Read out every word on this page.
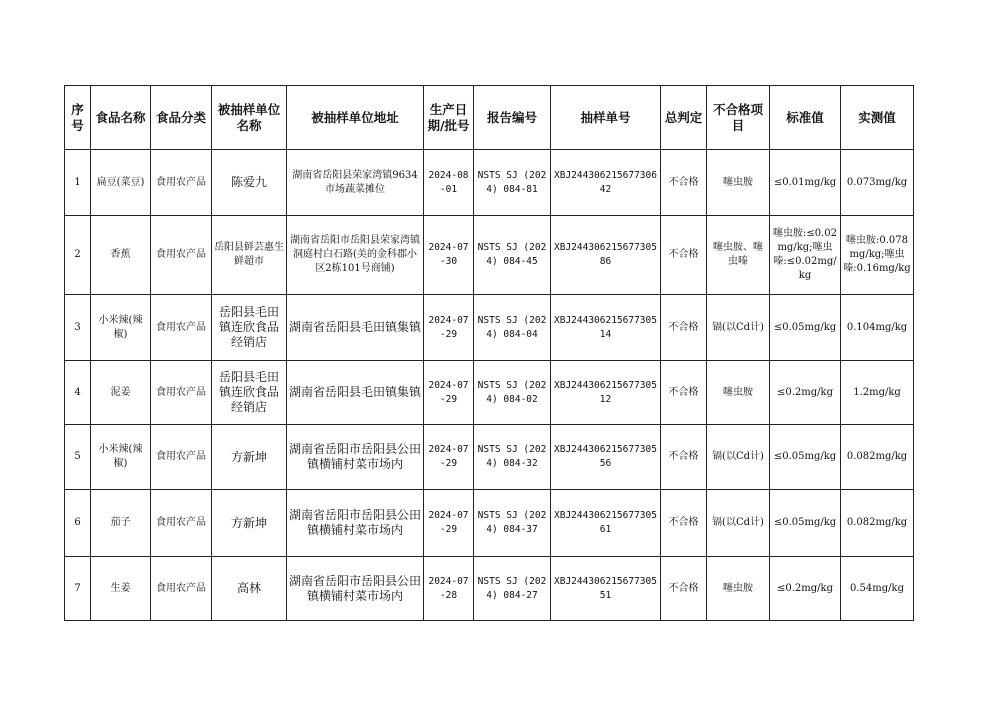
序号	食品名称	食品分类	被抽样单位名称	被抽样单位地址	生产日期/批号	报告编号	抽样单号	总判定	不合格项目	标准值	实测值
1	扁豆(菜豆)	食用农产品	陈爱九	湖南省岳阳县荣家湾镇9634市场蔬菜摊位	2024-08-01	NSTS SJ (2024) 084-81	XBJ24430621567730642	不合格	噻虫胺	≤0.01mg/kg	0.073mg/kg
2	香蕉	食用农产品	岳阳县鲜芸惠生鲜超市	湖南省岳阳市岳阳县荣家湾镇洞庭村白石路(美的金科郡小区2栋101号商铺)	2024-07-30	NSTS SJ (2024) 084-45	XBJ24430621567730586	不合格	噻虫胺、噻虫嗪	噻虫胺:≤0.02mg/kg;噻虫嗪:≤0.02mg/kg	噻虫胺:0.078mg/kg;噻虫嗪:0.16mg/kg
3	小米辣(辣椒)	食用农产品	岳阳县毛田镇连欣食品经销店	湖南省岳阳县毛田镇集镇	2024-07-29	NSTS SJ (2024) 084-04	XBJ24430621567730514	不合格	镉(以Cd计)	≤0.05mg/kg	0.104mg/kg
4	泥姜	食用农产品	岳阳县毛田镇连欣食品经销店	湖南省岳阳县毛田镇集镇	2024-07-29	NSTS SJ (2024) 084-02	XBJ24430621567730512	不合格	噻虫胺	≤0.2mg/kg	1.2mg/kg
5	小米辣(辣椒)	食用农产品	方新坤	湖南省岳阳市岳阳县公田镇横铺村菜市场内	2024-07-29	NSTS SJ (2024) 084-32	XBJ24430621567730556	不合格	镉(以Cd计)	≤0.05mg/kg	0.082mg/kg
6	茄子	食用农产品	方新坤	湖南省岳阳市岳阳县公田镇横铺村菜市场内	2024-07-29	NSTS SJ (2024) 084-37	XBJ24430621567730561	不合格	镉(以Cd计)	≤0.05mg/kg	0.082mg/kg
7	生姜	食用农产品	高林	湖南省岳阳市岳阳县公田镇横铺村菜市场内	2024-07-28	NSTS SJ (2024) 084-27	XBJ24430621567730551	不合格	噻虫胺	≤0.2mg/kg	0.54mg/kg
